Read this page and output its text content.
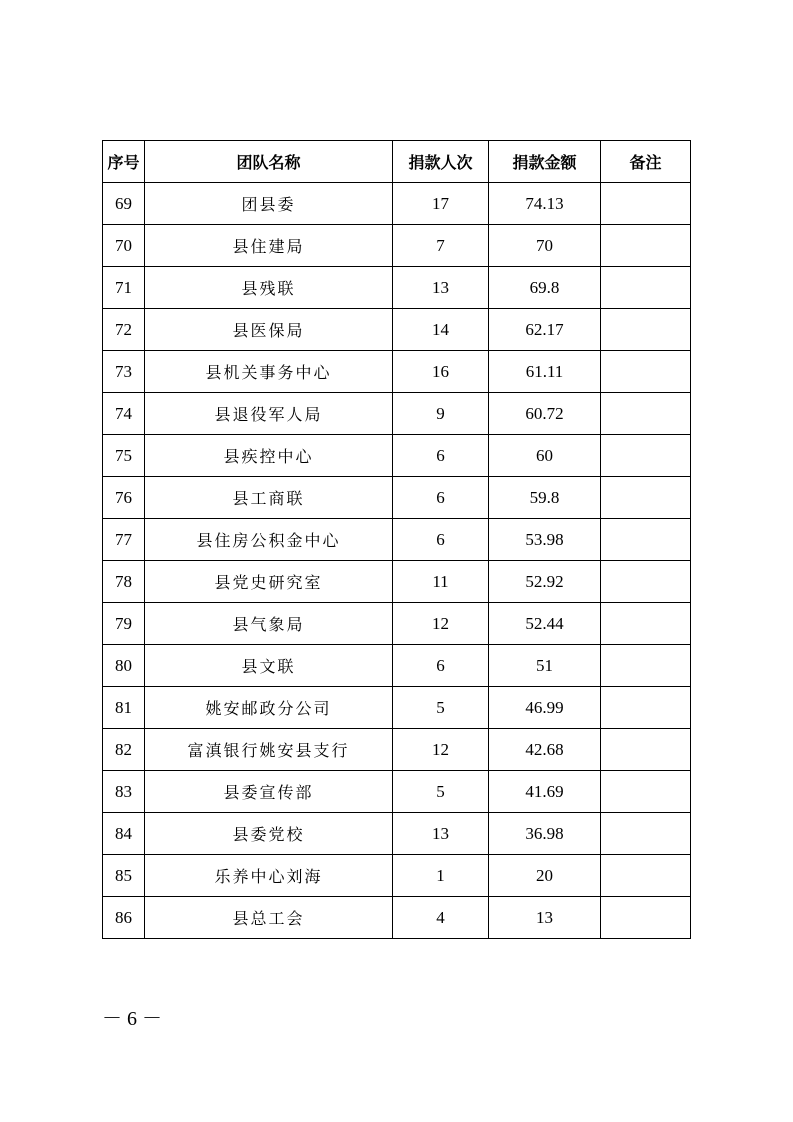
序号	团队名称	捐款人次	捐款金额	备注
69	团县委	17	74.13	
70	县住建局	7	70	
71	县残联	13	69.8	
72	县医保局	14	62.17	
73	县机关事务中心	16	61.11	
74	县退役军人局	9	60.72	
75	县疾控中心	6	60	
76	县工商联	6	59.8	
77	县住房公积金中心	6	53.98	
78	县党史研究室	11	52.92	
79	县气象局	12	52.44	
80	县文联	6	51	
81	姚安邮政分公司	5	46.99	
82	富滇银行姚安县支行	12	42.68	
83	县委宣传部	5	41.69	
84	县委党校	13	36.98	
85	乐养中心刘海	1	20	
86	县总工会	4	13	
－ 6 －
